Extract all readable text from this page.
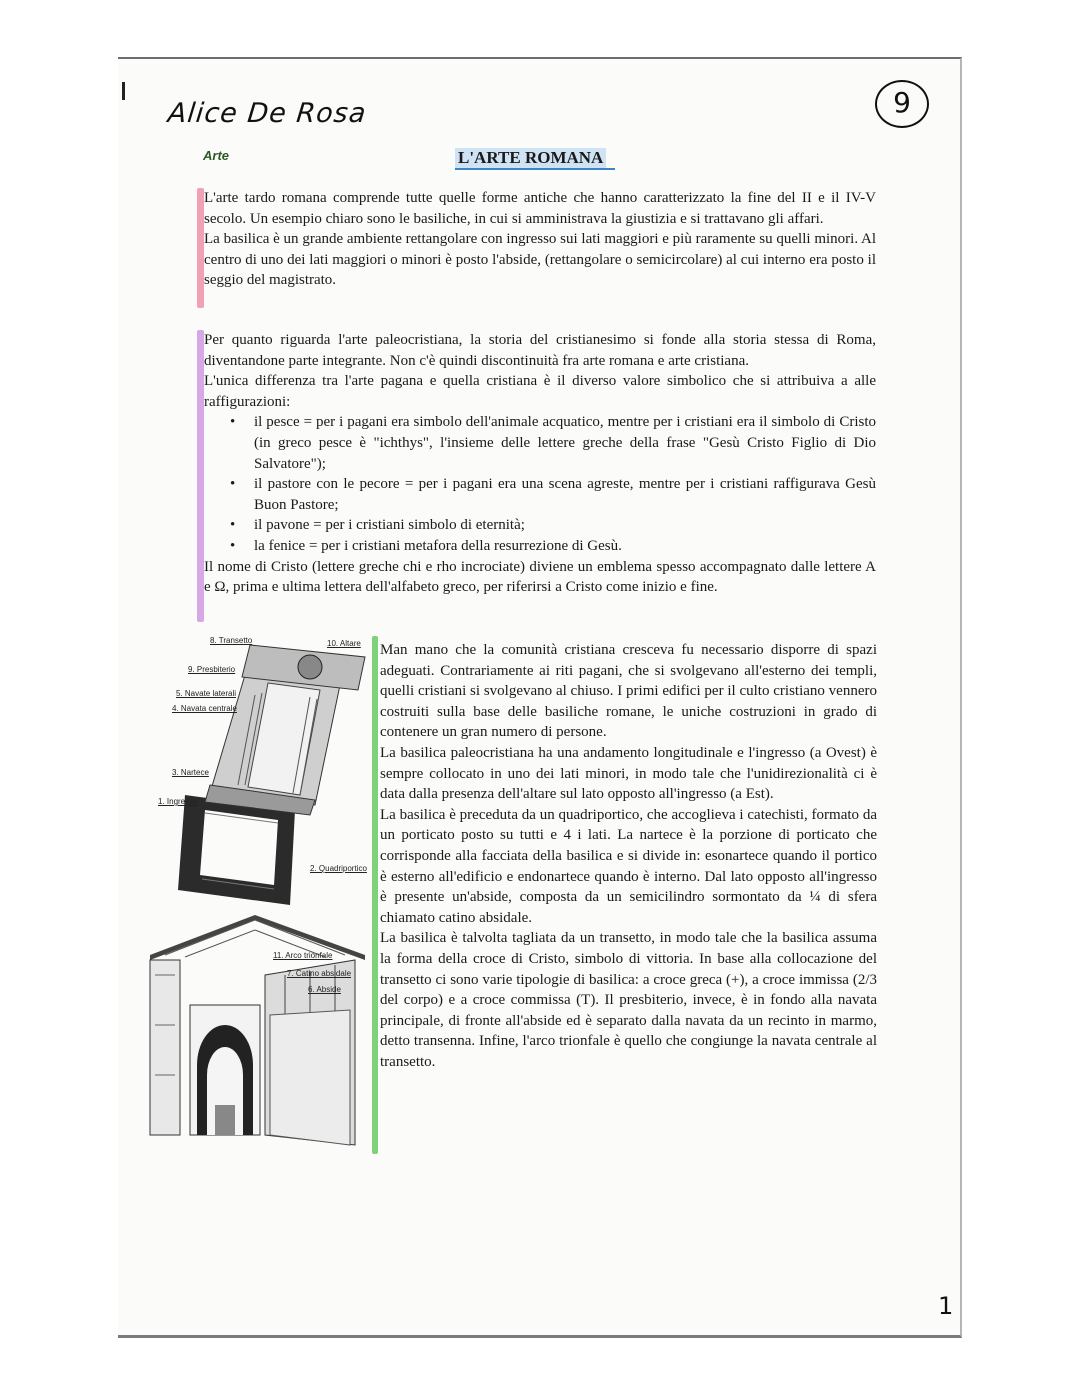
Alice De Rosa	9
Arte	L'ARTE ROMANA

L'arte tardo romana comprende tutte quelle forme antiche che hanno caratterizzato la fine del II e il IV-V secolo. Un esempio chiaro sono le basiliche, in cui si amministrava la giustizia e si trattavano gli affari.

La basilica è un grande ambiente rettangolare con ingresso sui lati maggiori e più raramente su quelli minori. Al centro di uno dei lati maggiori o minori è posto l'abside, (rettangolare o semicircolare) al cui interno era posto il seggio del magistrato.

Per quanto riguarda l'arte paleocristiana, la storia del cristianesimo si fonde alla storia stessa di Roma, diventandone parte integrante. Non c'è quindi discontinuità fra arte romana e arte cristiana.

L'unica differenza tra l'arte pagana e quella cristiana è il diverso valore simbolico che si attribuiva a alle raffigurazioni:

• il pesce = per i pagani era simbolo dell'animale acquatico, mentre per i cristiani era il simbolo di Cristo (in greco pesce è "ichthys", l'insieme delle lettere greche della frase "Gesù Cristo Figlio di Dio Salvatore");
• il pastore con le pecore = per i pagani era una scena agreste, mentre per i cristiani raffigurava Gesù Buon Pastore;
• il pavone = per i cristiani simbolo di eternità;
• la fenice = per i cristiani metafora della resurrezione di Gesù.

Il nome di Cristo (lettere greche chi e rho incrociate) diviene un emblema spesso accompagnato dalle lettere A e Ω, prima e ultima lettera dell'alfabeto greco, per riferirsi a Cristo come inizio e fine.

8. Transetto	10. Altare
9. Presbiterio
5. Navate laterali
4. Navata centrale
3. Nartece
1. Ingresso
2. Quadriportico
11. Arco trionfale
7. Catino absidale
6. Abside

Man mano che la comunità cristiana cresceva fu necessario disporre di spazi adeguati. Contrariamente ai riti pagani, che si svolgevano all'esterno dei templi, quelli cristiani si svolgevano al chiuso. I primi edifici per il culto cristiano vennero costruiti sulla base delle basiliche romane, le uniche costruzioni in grado di contenere un gran numero di persone.

La basilica paleocristiana ha una andamento longitudinale e l'ingresso (a Ovest) è sempre collocato in uno dei lati minori, in modo tale che l'unidirezionalità ci è data dalla presenza dell'altare sul lato opposto all'ingresso (a Est).

La basilica è preceduta da un quadriportico, che accoglieva i catechisti, formato da un porticato posto su tutti e 4 i lati. La nartece è la porzione di porticato che corrisponde alla facciata della basilica e si divide in: esonartece quando il portico è esterno all'edificio e endonartece quando è interno. Dal lato opposto all'ingresso è presente un'abside, composta da un semicilindro sormontato da ¼ di sfera chiamato catino absidale.

La basilica è talvolta tagliata da un transetto, in modo tale che la basilica assuma la forma della croce di Cristo, simbolo di vittoria. In base alla collocazione del transetto ci sono varie tipologie di basilica: a croce greca (+), a croce immissa (2/3 del corpo) e a croce commissa (T). Il presbiterio, invece, è in fondo alla navata principale, di fronte all'abside ed è separato dalla navata da un recinto in marmo, detto transenna. Infine, l'arco trionfale è quello che congiunge la navata centrale al transetto.

1
